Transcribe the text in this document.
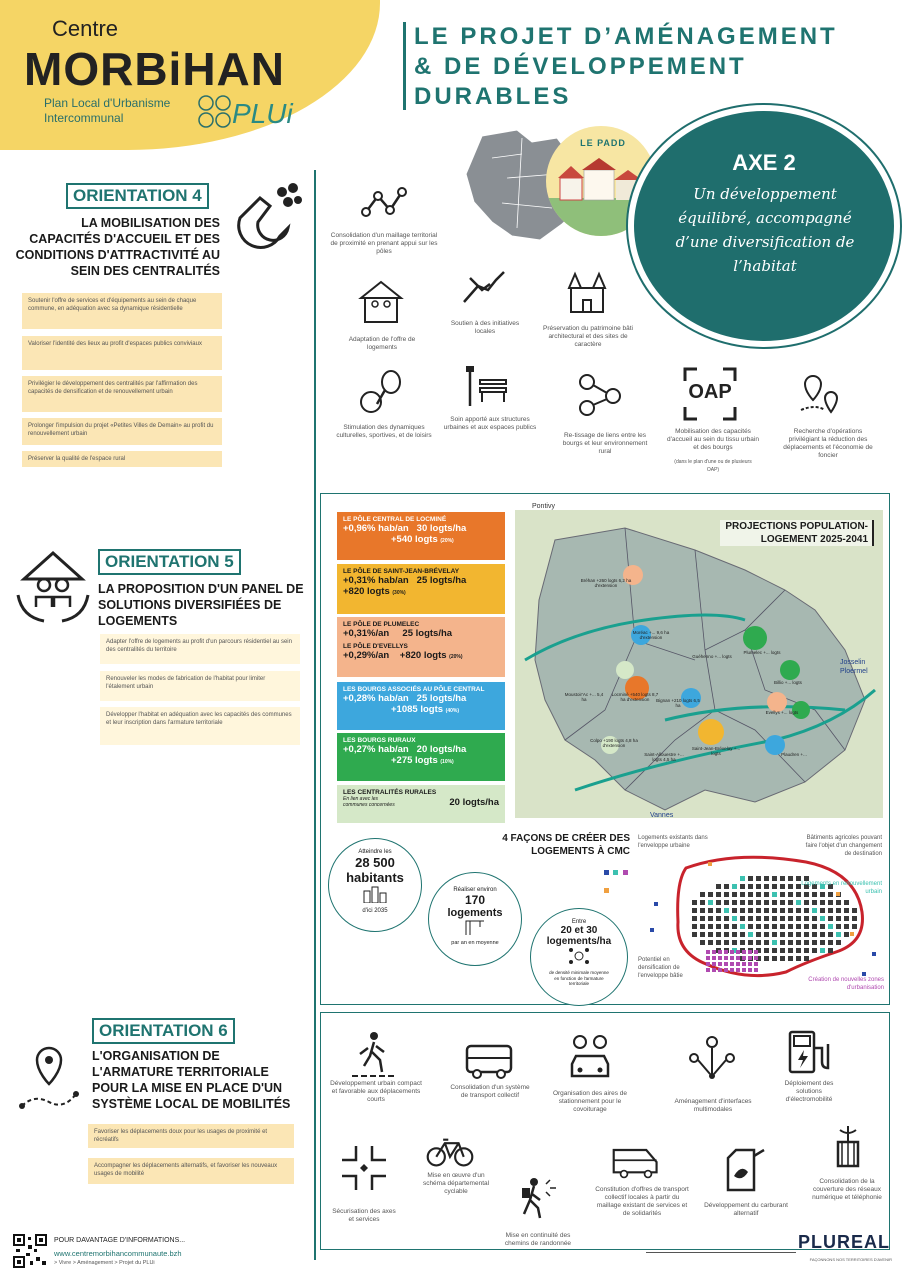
Centre
MORBiHAN
Plan Local d'Urbanisme
Intercommunal	PLUi
LE PROJET D’AMÉNAGEMENT
& DE DÉVELOPPEMENT
DURABLES
LE PADD
AXE 2
Un développement équilibré, accompagné d’une diversification de l’habitat
ORIENTATION 4
LA MOBILISATION DES CAPACITÉS D'ACCUEIL ET DES CONDITIONS D'ATTRACTIVITÉ AU SEIN DES CENTRALITÉS
Soutenir l'offre de services et d'équipements au sein de chaque commune, en adéquation avec sa dynamique résidentielle
Valoriser l'identité des lieux au profit d'espaces publics conviviaux
Privilégier le développement des centralités par l'affirmation des capacités de densification et de renouvellement urbain
Prolonger l'impulsion du projet «Petites Villes de Demain» au profit du renouvellement urbain
Préserver la qualité de l'espace rural
Consolidation d'un maillage territorial de proximité en prenant appui sur les pôles
Adaptation de l'offre de logements
Soutien à des initiatives locales	Préservation du patrimoine bâti architectural et des sites de caractère
Stimulation des dynamiques culturelles, sportives, et de loisirs
Soin apporté aux structures urbaines et aux espaces publics
Re-tissage de liens entre les bourgs et leur environnement rural
OAP
Mobilisation des capacités d'accueil au sein du tissu urbain et des bourgs
(dans le plan d'une ou de plusieurs OAP)
Recherche d'opérations privilégiant la réduction des déplacements et l'économie de foncier
ORIENTATION 5
LA PROPOSITION D'UN PANEL DE SOLUTIONS DIVERSIFIÉES DE LOGEMENTS
Adapter l'offre de logements au profit d'un parcours résidentiel au sein des centralités du territoire
Renouveler les modes de fabrication de l'habitat pour limiter l'étalement urbain
Développer l'habitat en adéquation avec les capacités des communes et leur inscription dans l'armature territoriale
LE PÔLE CENTRAL DE LOCMINÉ
+0,96% hab/an 30 logts/ha
+540 logts (20%)
LE PÔLE DE SAINT-JEAN-BRÉVELAY
+0,31% hab/an 25 logts/ha
+820 logts (30%)
LE PÔLE DE PLUMELEC
+0,31%/an 25 logts/ha
LE PÔLE D'EVELLYS
+0,29%/an +820 logts (20%)
LES BOURGS ASSOCIÉS AU PÔLE CENTRAL
+0,28% hab/an 25 logts/ha
+1085 logts (40%)
LES BOURGS RURAUX
+0,27% hab/an 20 logts/ha
+275 logts (10%)
LES CENTRALITÉS RURALES
En lien avec les communes concernées	20 logts/ha
Pontivy
Josselin Ploermel
Vannes
PROJECTIONS POPULATION-LOGEMENT 2025-2041
Bréhan +260 logts 6,2 ha d'extension
Moréac +... 9,6 ha d'extension
Locminé +540 logts 8,7 ha d'extension
Moustoir'Ac +... 5,4 ha	Bignan +210 logts 6,5 ha
Saint-Jean-Brévelay +... logts
Plumelec +... logts
Evellys +... logts
Guéhenno +... logts
Colpo +190 logts 4,8 ha d'extension
Saint-Allouestre +... logts 4,5 ha
Billio +... logts
Plaudren +...
Atteindre les
28 500
habitants
d'ici 2035
Réaliser environ
170
logements
par an en moyenne
Entre
20 et 30
logements/ha
de densité minimale moyenne en fonction de l'armature territoriale
4 FAÇONS DE CRÉER DES LOGEMENTS À CMC

Logements existants dans l'enveloppe urbaine
Bâtiments agricoles pouvant faire l'objet d'un changement de destination
Logements en renouvellement urbain
Potentiel en densification de l'enveloppe bâtie
Création de nouvelles zones d'urbanisation
ORIENTATION 6
L'ORGANISATION DE L'ARMATURE TERRITORIALE POUR LA MISE EN PLACE D'UN SYSTÈME LOCAL DE MOBILITÉS
Favoriser les déplacements doux pour les usages de proximité et récréatifs
Accompagner les déplacements alternatifs, et favoriser les nouveaux usages de mobilité
Développement urbain compact et favorable aux déplacements courts
Consolidation d'un système de transport collectif	Organisation des aires de stationnement pour le covoiturage
Aménagement d'interfaces multimodales
Déploiement des solutions d'électromobilité
Sécurisation des axes et services
Mise en œuvre d'un schéma départemental cyclable
Mise en continuité des chemins de randonnée
Constitution d'offres de transport collectif locales à partir du maillage existant de services et de solidarités
Développement du carburant alternatif
Consolidation de la couverture des réseaux numérique et téléphonie
POUR DAVANTAGE D'INFORMATIONS...
www.centremorbihancommunaute.bzh
> Vivre > Aménagement > Projet du PLUi
PLUREAL
FAÇONNONS NOS TERRITOIRES D'AVENIR
